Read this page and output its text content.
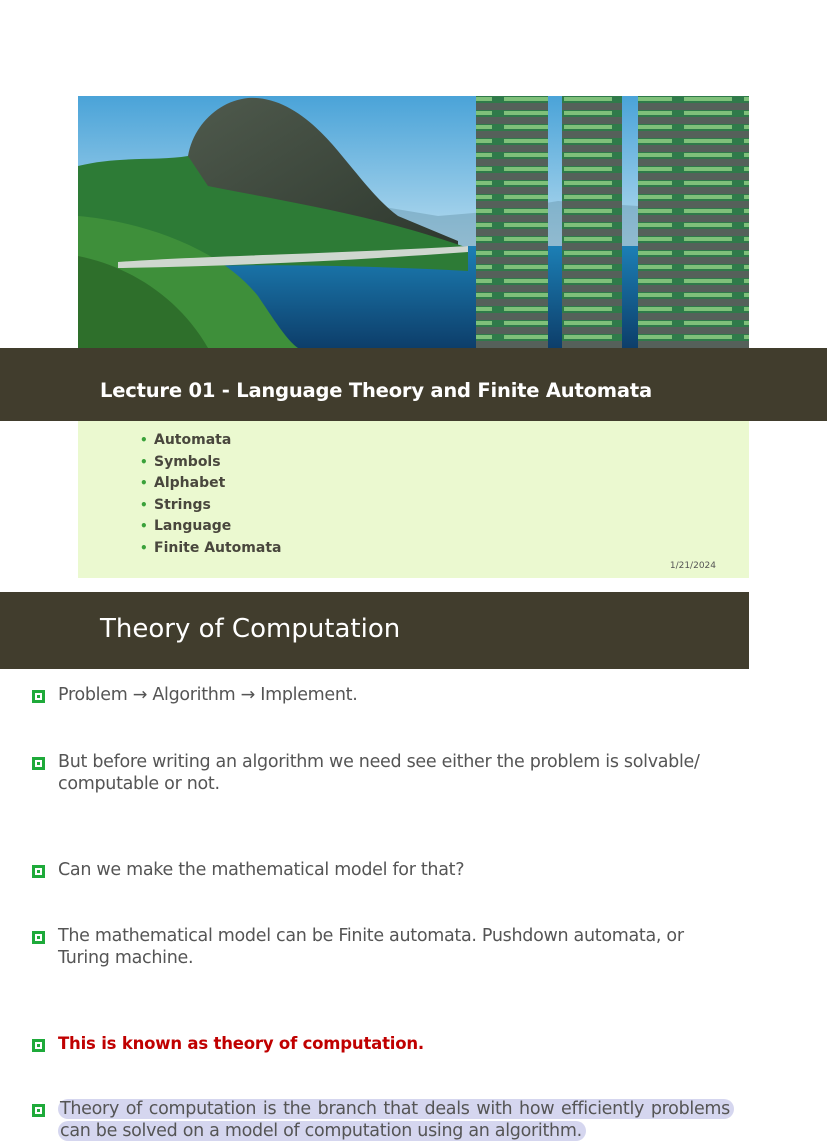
Lecture 01 - Language Theory and Finite Automata
• Automata
• Symbols
• Alphabet
• Strings
• Language
• Finite Automata
1/21/2024
Theory of Computation
Problem → Algorithm → Implement.
But before writing an algorithm we need see either the problem is solvable/ computable or not.
Can we make the mathematical model for that?
The mathematical model can be Finite automata. Pushdown automata, or Turing machine.
This is known as theory of computation.
Theory of computation is the branch that deals with how efficiently problems can be solved on a model of computation using an algorithm.
